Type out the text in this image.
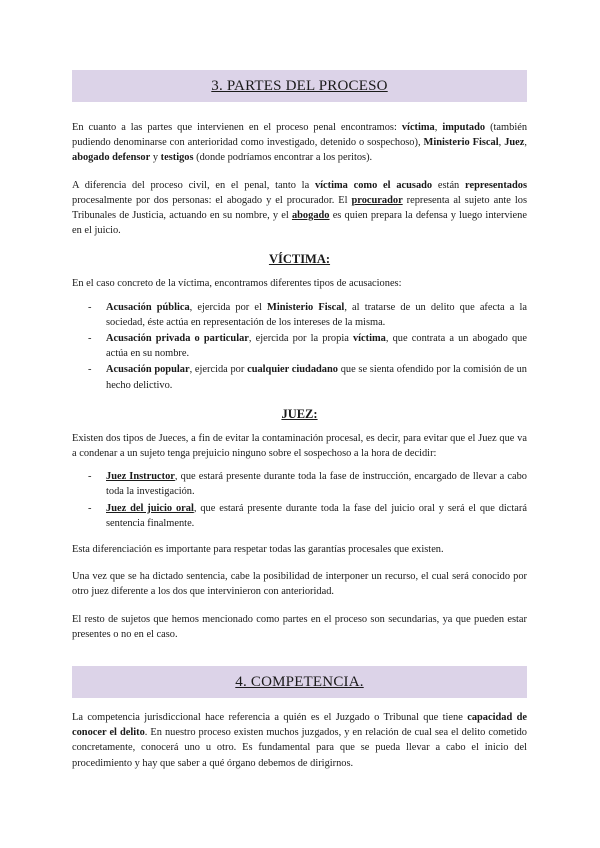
3. PARTES DEL PROCESO

En cuanto a las partes que intervienen en el proceso penal encontramos: víctima, imputado (también pudiendo denominarse con anterioridad como investigado, detenido o sospechoso), Ministerio Fiscal, Juez, abogado defensor y testigos (donde podríamos encontrar a los peritos).

A diferencia del proceso civil, en el penal, tanto la víctima como el acusado están representados procesalmente por dos personas: el abogado y el procurador. El procurador representa al sujeto ante los Tribunales de Justicia, actuando en su nombre, y el abogado es quien prepara la defensa y luego interviene en el juicio.

VÍCTIMA:

En el caso concreto de la víctima, encontramos diferentes tipos de acusaciones:

- Acusación pública, ejercida por el Ministerio Fiscal, al tratarse de un delito que afecta a la sociedad, éste actúa en representación de los intereses de la misma.
- Acusación privada o particular, ejercida por la propia víctima, que contrata a un abogado que actúa en su nombre.
- Acusación popular, ejercida por cualquier ciudadano que se sienta ofendido por la comisión de un hecho delictivo.
JUEZ:

Existen dos tipos de Jueces, a fin de evitar la contaminación procesal, es decir, para evitar que el Juez que va a condenar a un sujeto tenga prejuicio ninguno sobre el sospechoso a la hora de decidir:

- Juez Instructor, que estará presente durante toda la fase de instrucción, encargado de llevar a cabo toda la investigación.
- Juez del juicio oral, que estará presente durante toda la fase del juicio oral y será el que dictará sentencia finalmente.

Esta diferenciación es importante para respetar todas las garantías procesales que existen.

Una vez que se ha dictado sentencia, cabe la posibilidad de interponer un recurso, el cual será conocido por otro juez diferente a los dos que intervinieron con anterioridad.

El resto de sujetos que hemos mencionado como partes en el proceso son secundarias, ya que pueden estar presentes o no en el caso.

4. COMPETENCIA.

La competencia jurisdiccional hace referencia a quién es el Juzgado o Tribunal que tiene capacidad de conocer el delito. En nuestro proceso existen muchos juzgados, y en relación de cual sea el delito cometido concretamente, conocerá uno u otro. Es fundamental para que se pueda llevar a cabo el inicio del procedimiento y hay que saber a qué órgano debemos de dirigirnos.
